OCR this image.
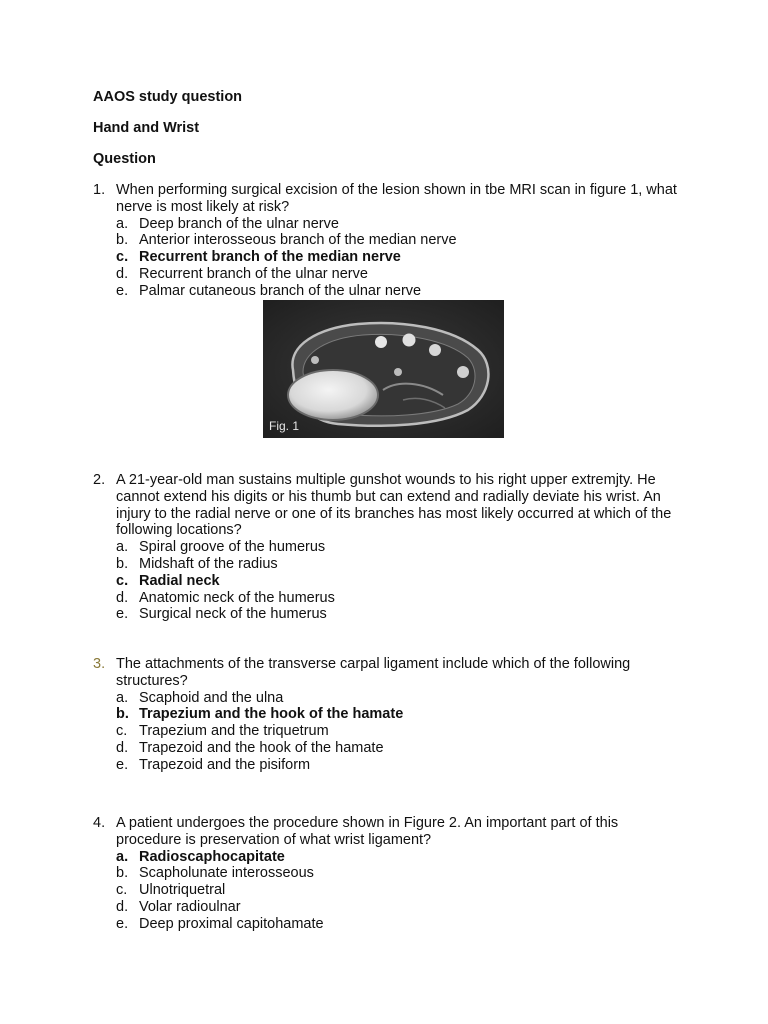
AAOS study question
Hand and Wrist
Question

1. When performing surgical excision of the lesion shown in tbe MRI scan in figure 1, what nerve is most likely at risk?

a. Deep branch of the ulnar nerve
b. Anterior interosseous branch of the median nerve
c. Recurrent branch of the median nerve
d. Recurrent branch of the ulnar nerve
e. Palmar cutaneous branch of the ulnar nerve
Fig. 1

2. A 21-year-old man sustains multiple gunshot wounds to his right upper extremjty. He cannot extend his digits or his thumb but can extend and radially deviate his wrist. An injury to the radial nerve or one of its branches has most likely occurred at which of the following locations?

a. Spiral groove of the humerus
b. Midshaft of the radius
c. Radial neck
d. Anatomic neck of the humerus
e. Surgical neck of the humerus

3. The attachments of the transverse carpal ligament include which of the following structures?

a. Scaphoid and the ulna
b. Trapezium and the hook of the hamate
c. Trapezium and the triquetrum
d. Trapezoid and the hook of the hamate
e. Trapezoid and the pisiform

4. A patient undergoes the procedure shown in Figure 2. An important part of this procedure is preservation of what wrist ligament?

a. Radioscaphocapitate
b. Scapholunate interosseous
c. Ulnotriquetral
d. Volar radioulnar
e. Deep proximal capitohamate
